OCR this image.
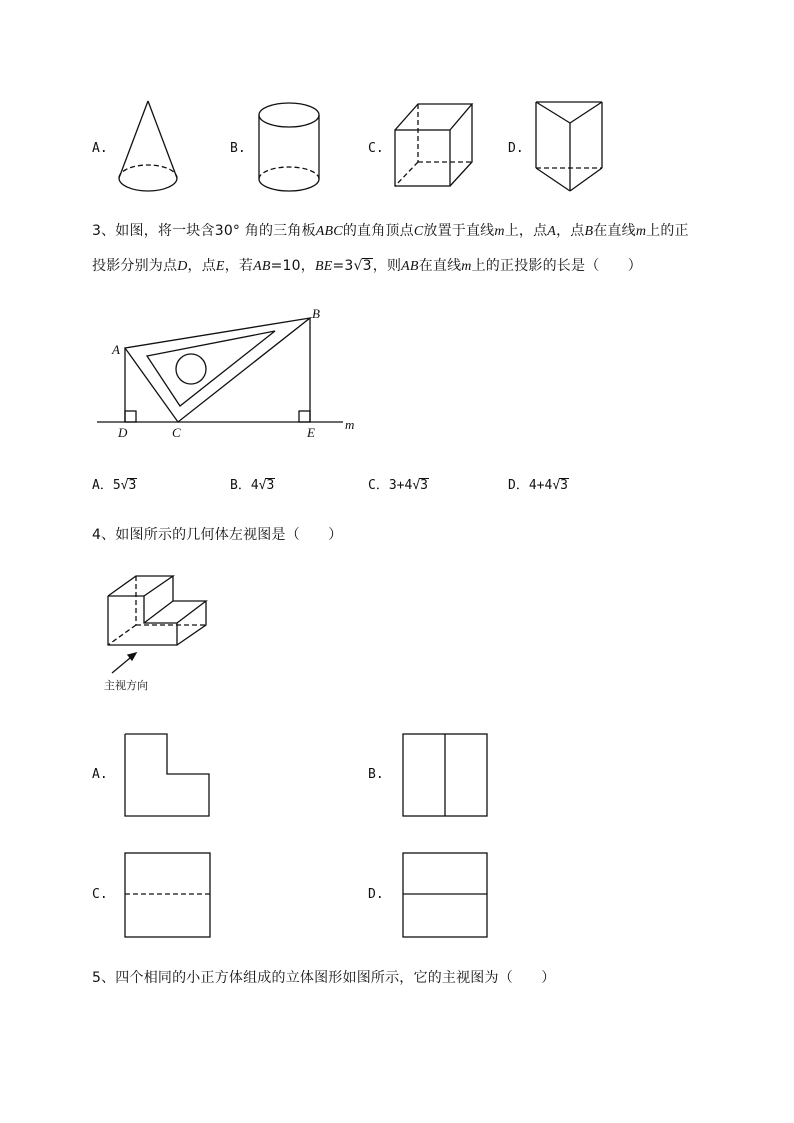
A.	B.	C.	D.
3、如图，将一块含30° 角的三角板ABC的直角顶点C放置于直线m上，点A，点B在直线m上的正
投影分别为点D，点E，若AB=10，BE=3√3，则AB在直线m上的正投影的长是（　　）
A
B
D	C	E
m
A．5√3	B．4√3	C．3+4√3	D．4+4√3
4、如图所示的几何体左视图是（　　）
主视方向
A.	B.
C.	D.
5、四个相同的小正方体组成的立体图形如图所示，它的主视图为（　　）
